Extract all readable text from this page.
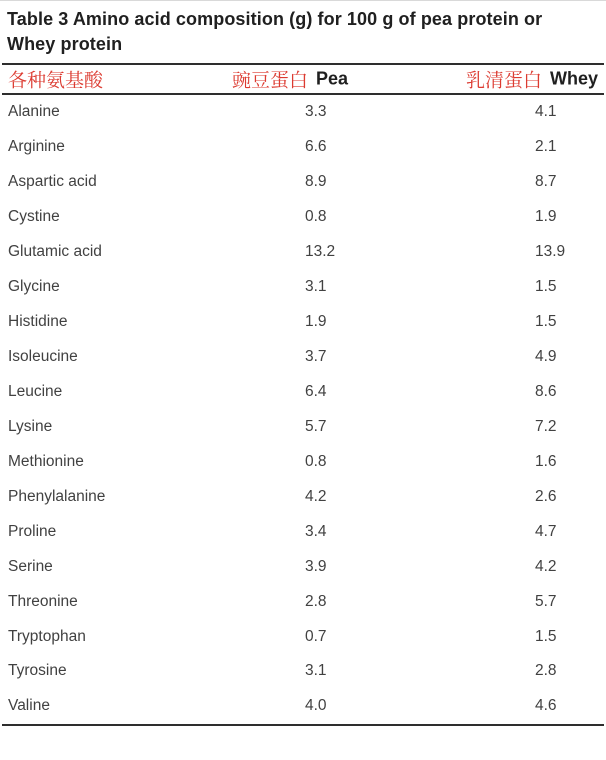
Table 3 Amino acid composition (g) for 100 g of pea protein or Whey protein
各种氨基酸	豌豆蛋白 Pea	乳清蛋白 Whey
Alanine	3.3	4.1
Arginine	6.6	2.1
Aspartic acid	8.9	8.7
Cystine	0.8	1.9
Glutamic acid	13.2	13.9
Glycine	3.1	1.5
Histidine	1.9	1.5
Isoleucine	3.7	4.9
Leucine	6.4	8.6
Lysine	5.7	7.2
Methionine	0.8	1.6
Phenylalanine	4.2	2.6
Proline	3.4	4.7
Serine	3.9	4.2
Threonine	2.8	5.7
Tryptophan	0.7	1.5
Tyrosine	3.1	2.8
Valine	4.0	4.6
